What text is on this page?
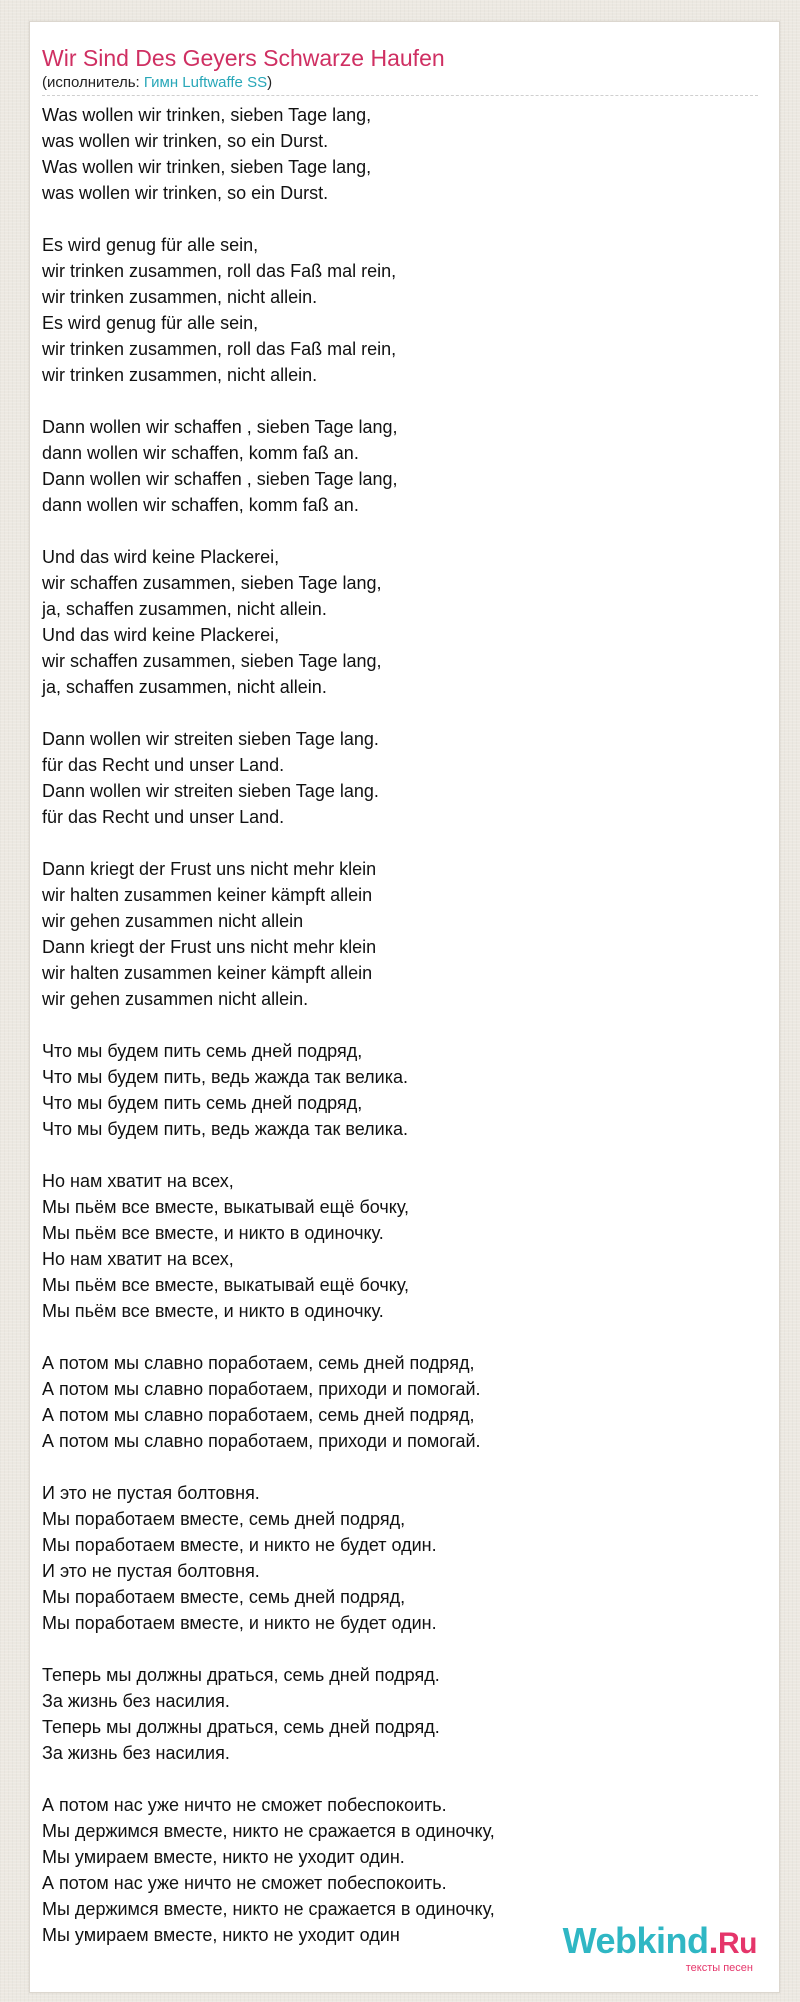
Wir Sind Des Geyers Schwarze Haufen
(исполнитель: Гимн Luftwaffe SS)
Was wollen wir trinken, sieben Tage lang,
was wollen wir trinken, so ein Durst.
Was wollen wir trinken, sieben Tage lang,
was wollen wir trinken, so ein Durst.
Es wird genug für alle sein,
wir trinken zusammen, roll das Faß mal rein,
wir trinken zusammen, nicht allein.
Es wird genug für alle sein,
wir trinken zusammen, roll das Faß mal rein,
wir trinken zusammen, nicht allein.
Dann wollen wir schaffen , sieben Tage lang,
dann wollen wir schaffen, komm faß an.
Dann wollen wir schaffen , sieben Tage lang,
dann wollen wir schaffen, komm faß an.
Und das wird keine Plackerei,
wir schaffen zusammen, sieben Tage lang,
ja, schaffen zusammen, nicht allein.
Und das wird keine Plackerei,
wir schaffen zusammen, sieben Tage lang,
ja, schaffen zusammen, nicht allein.
Dann wollen wir streiten sieben Tage lang.
für das Recht und unser Land.
Dann wollen wir streiten sieben Tage lang.
für das Recht und unser Land.
Dann kriegt der Frust uns nicht mehr klein
wir halten zusammen keiner kämpft allein
wir gehen zusammen nicht allein
Dann kriegt der Frust uns nicht mehr klein
wir halten zusammen keiner kämpft allein
wir gehen zusammen nicht allein.
Что мы будем пить семь дней подряд,
Что мы будем пить, ведь жажда так велика.
Что мы будем пить семь дней подряд,
Что мы будем пить, ведь жажда так велика.
Но нам хватит на всех,
Мы пьём все вместе, выкатывай ещё бочку,
Мы пьём все вместе, и никто в одиночку.
Но нам хватит на всех,
Мы пьём все вместе, выкатывай ещё бочку,
Мы пьём все вместе, и никто в одиночку.
А потом мы славно поработаем, семь дней подряд,
А потом мы славно поработаем, приходи и помогай.
А потом мы славно поработаем, семь дней подряд,
А потом мы славно поработаем, приходи и помогай.
И это не пустая болтовня.
Мы поработаем вместе, семь дней подряд,
Мы поработаем вместе, и никто не будет один.
И это не пустая болтовня.
Мы поработаем вместе, семь дней подряд,
Мы поработаем вместе, и никто не будет один.
Теперь мы должны драться, семь дней подряд.
За жизнь без насилия.
Теперь мы должны драться, семь дней подряд.
За жизнь без насилия.
А потом нас уже ничто не сможет побеспокоить.
Мы держимся вместе, никто не сражается в одиночку,
Мы умираем вместе, никто не уходит один.
А потом нас уже ничто не сможет побеспокоить.
Мы держимся вместе, никто не сражается в одиночку,
Мы умираем вместе, никто не уходит один	Webkind.Ru
тексты песен
